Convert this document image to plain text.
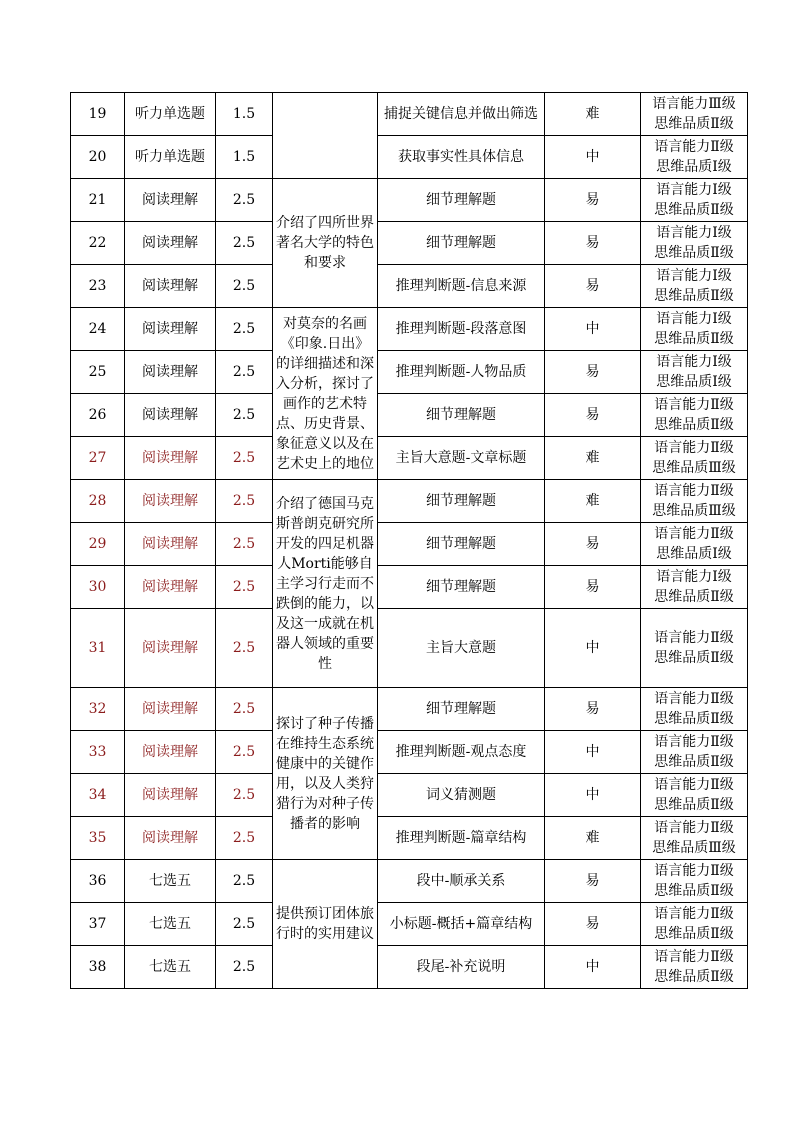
19	听力单选题	1.5		捕捉关键信息并做出筛选	难	语言能力Ⅲ级
思维品质Ⅱ级

20	听力单选题	1.5		获取事实性具体信息	中	语言能力Ⅱ级
思维品质Ⅰ级

21	阅读理解	2.5	介绍了四所世界著名大学的特色和要求	细节理解题	易	语言能力Ⅰ级
思维品质Ⅱ级

22	阅读理解	2.5		细节理解题	易	语言能力Ⅰ级
思维品质Ⅱ级

23	阅读理解	2.5		推理判断题-信息来源	易	语言能力Ⅰ级
思维品质Ⅱ级

24	阅读理解	2.5	对莫奈的名画《印象.日出》的详细描述和深入分析，探讨了画作的艺术特点、历史背景、象征意义以及在艺术史上的地位	推理判断题-段落意图	中	语言能力Ⅰ级
思维品质Ⅱ级

25	阅读理解	2.5		推理判断题-人物品质	易	语言能力Ⅰ级
思维品质Ⅰ级

26	阅读理解	2.5		细节理解题	易	语言能力Ⅱ级
思维品质Ⅱ级

27	阅读理解	2.5		主旨大意题-文章标题	难	语言能力Ⅱ级
思维品质Ⅲ级

28	阅读理解	2.5	介绍了德国马克斯普朗克研究所开发的四足机器人Morti能够自主学习行走而不跌倒的能力，以及这一成就在机器人领域的重要性	细节理解题	难	语言能力Ⅱ级
思维品质Ⅲ级

29	阅读理解	2.5		细节理解题	易	语言能力Ⅱ级
思维品质Ⅰ级

30	阅读理解	2.5		细节理解题	易	语言能力Ⅰ级
思维品质Ⅱ级

31	阅读理解	2.5		主旨大意题	中	语言能力Ⅱ级
思维品质Ⅱ级

32	阅读理解	2.5	探讨了种子传播在维持生态系统健康中的关键作用，以及人类狩猎行为对种子传播者的影响	细节理解题	易	语言能力Ⅱ级
思维品质Ⅱ级

33	阅读理解	2.5		推理判断题-观点态度	中	语言能力Ⅱ级
思维品质Ⅱ级

34	阅读理解	2.5		词义猜测题	中	语言能力Ⅱ级
思维品质Ⅱ级

35	阅读理解	2.5		推理判断题-篇章结构	难	语言能力Ⅱ级
思维品质Ⅲ级

36	七选五	2.5	提供预订团体旅行时的实用建议	段中-顺承关系	易	语言能力Ⅱ级
思维品质Ⅱ级

37	七选五	2.5		小标题-概括+篇章结构	易	语言能力Ⅱ级
思维品质Ⅱ级

38	七选五	2.5		段尾-补充说明	中	语言能力Ⅱ级
思维品质Ⅱ级
